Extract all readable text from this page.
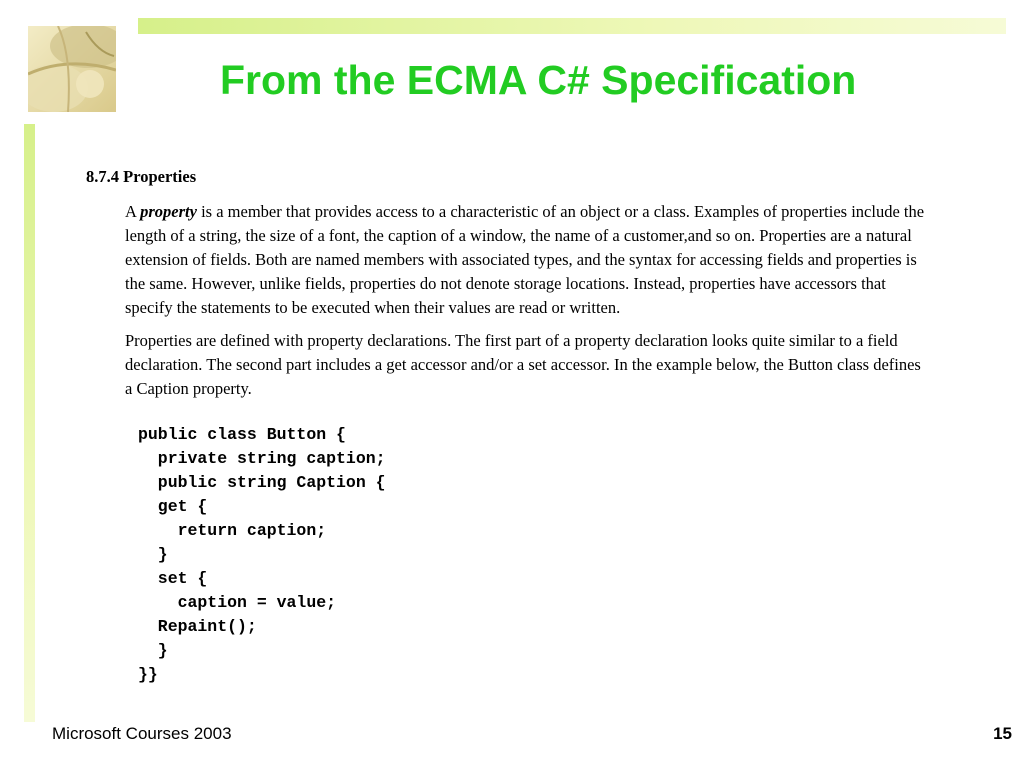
From the ECMA C# Specification

8.7.4 Properties

A property is a member that provides access to a characteristic of an object or a class. Examples of properties include the length of a string, the size of a font, the caption of a window, the name of a customer,and so on. Properties are a natural extension of fields. Both are named members with associated types, and the syntax for accessing fields and properties is the same. However, unlike fields, properties do not denote storage locations. Instead, properties have accessors that specify the statements to be executed when their values are read or written.

Properties are defined with property declarations. The first part of a property declaration looks quite similar to a field declaration. The second part includes a get accessor and/or a set accessor. In the example below, the Button class defines a Caption property.

public class Button {
private string caption;
public string Caption {
get {
return caption;
}
set {
caption = value;
Repaint();
}
}}
Microsoft Courses 2003	15
